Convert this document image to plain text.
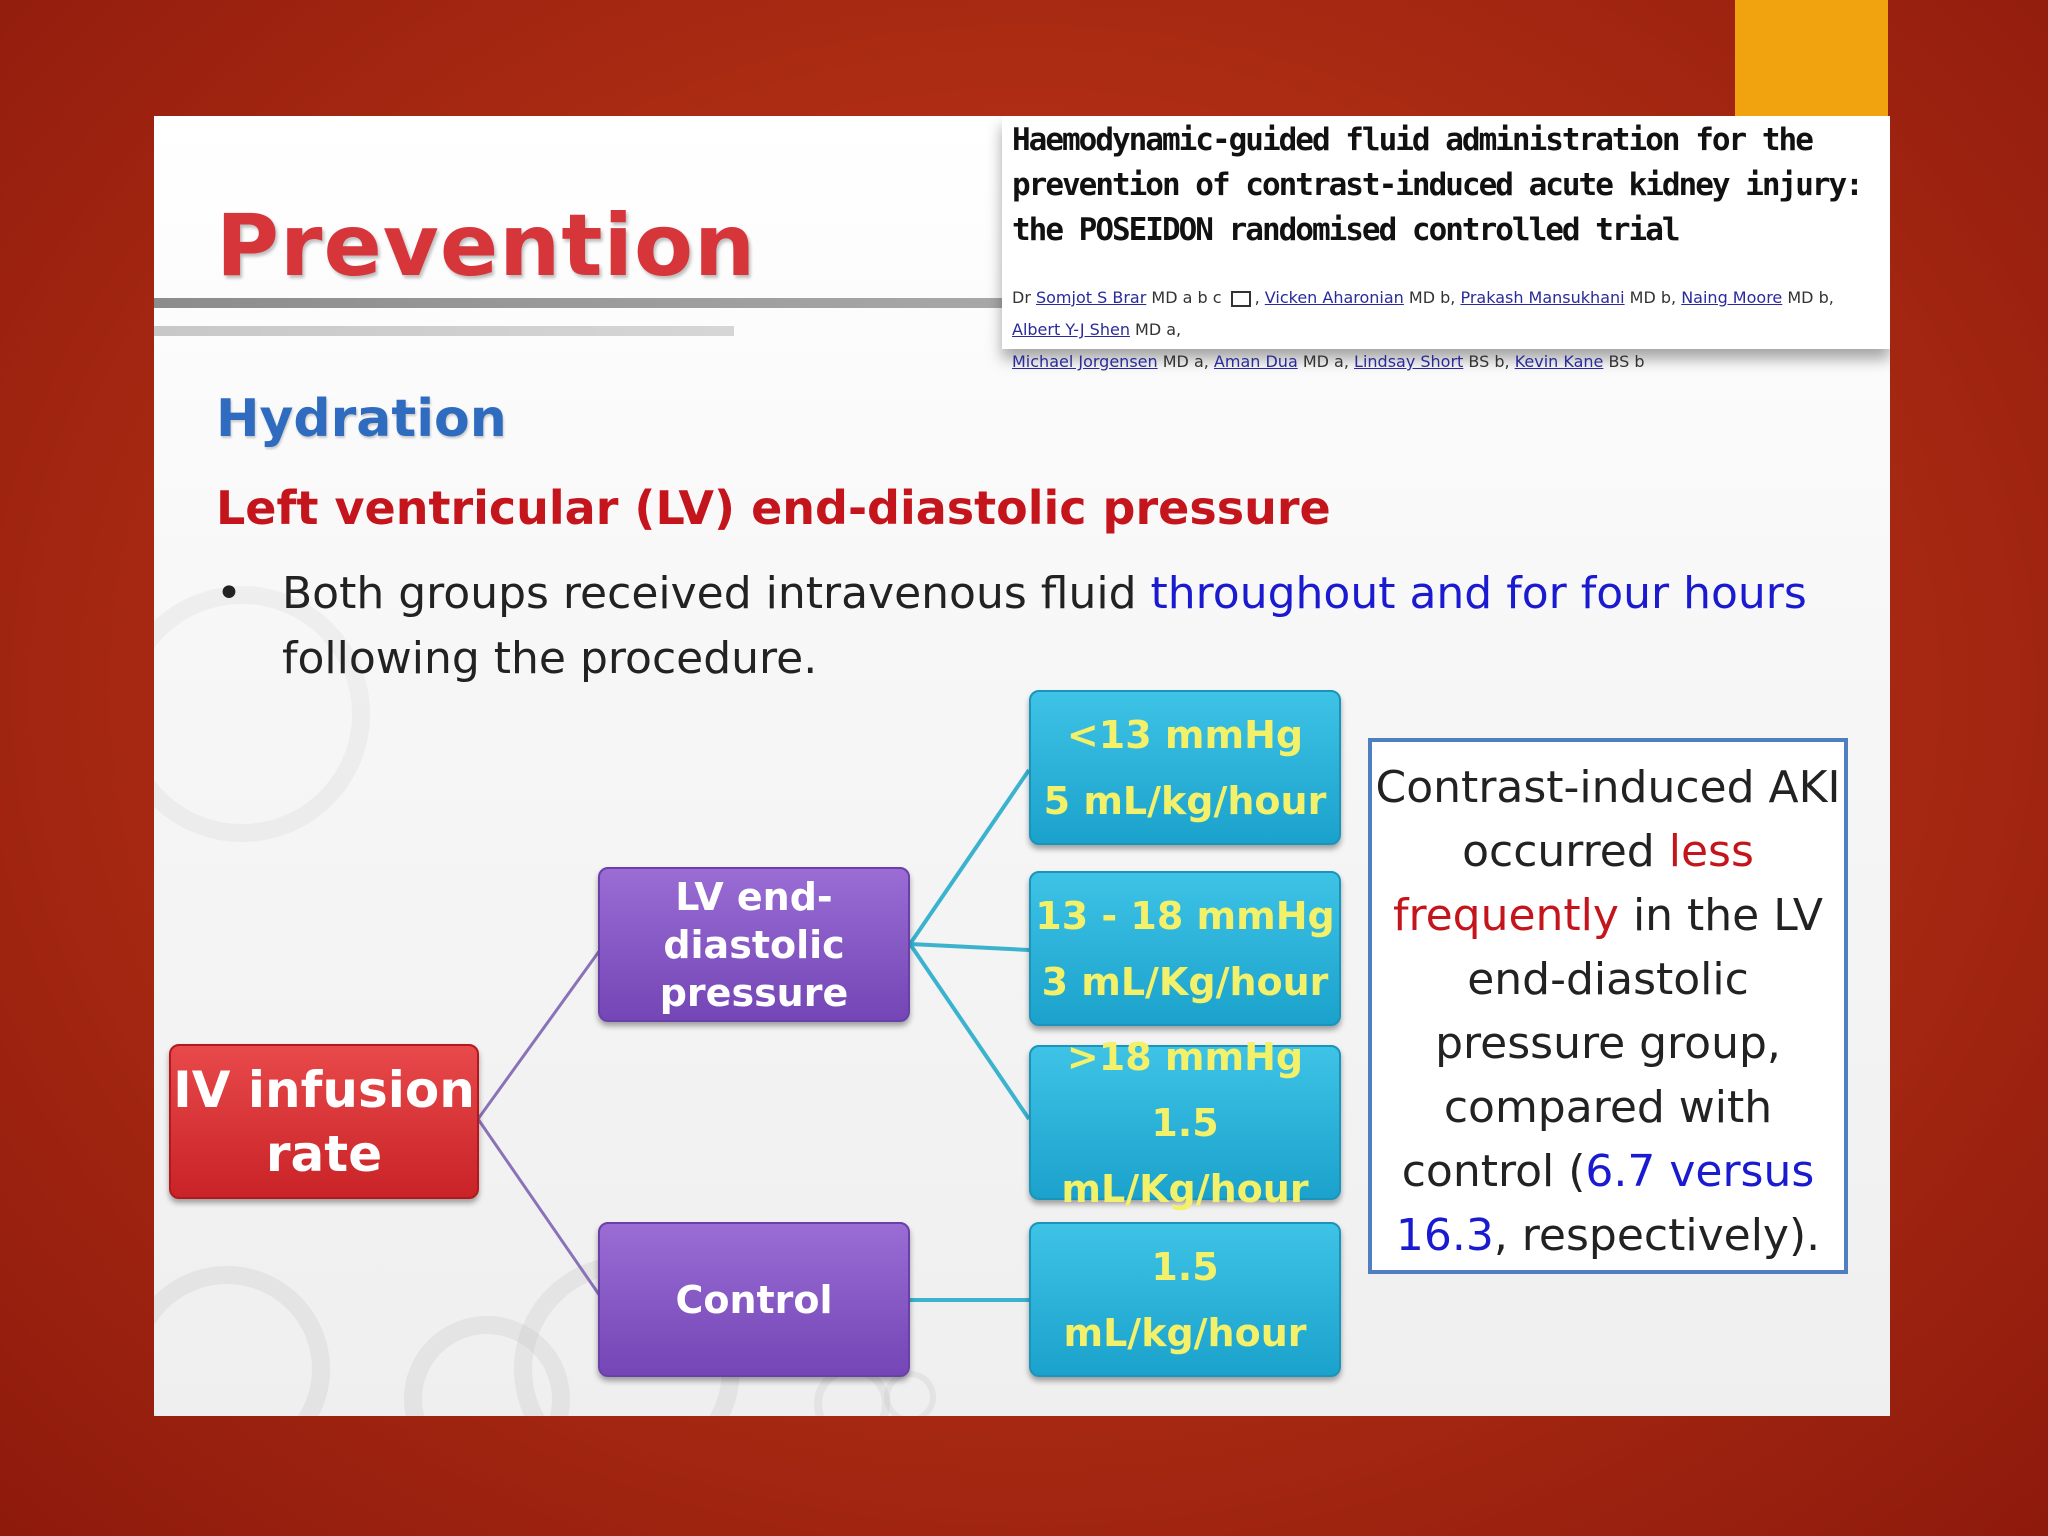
Prevention

Haemodynamic-guided fluid administration for the prevention of contrast-induced acute kidney injury: the POSEIDON randomised controlled trial

Dr Somjot S Brar MD a b c , Vicken Aharonian MD b, Prakash Mansukhani MD b, Naing Moore MD b, Albert Y-J Shen MD a,
Michael Jorgensen MD a, Aman Dua MD a, Lindsay Short BS b, Kevin Kane BS b

Hydration
Left ventricular (LV) end-diastolic pressure
• Both groups received intravenous fluid throughout and for four hours following the procedure.
IV infusion
rate
LV end-diastolic
pressure
Control
<13 mmHg
5 mL/kg/hour
13 - 18 mmHg
3 mL/Kg/hour
>18 mmHg
1.5 mL/Kg/hour
1.5 mL/kg/hour
Contrast-induced AKI occurred less frequently in the LV end-diastolic pressure group, compared with control (6.7 versus 16.3, respectively).
